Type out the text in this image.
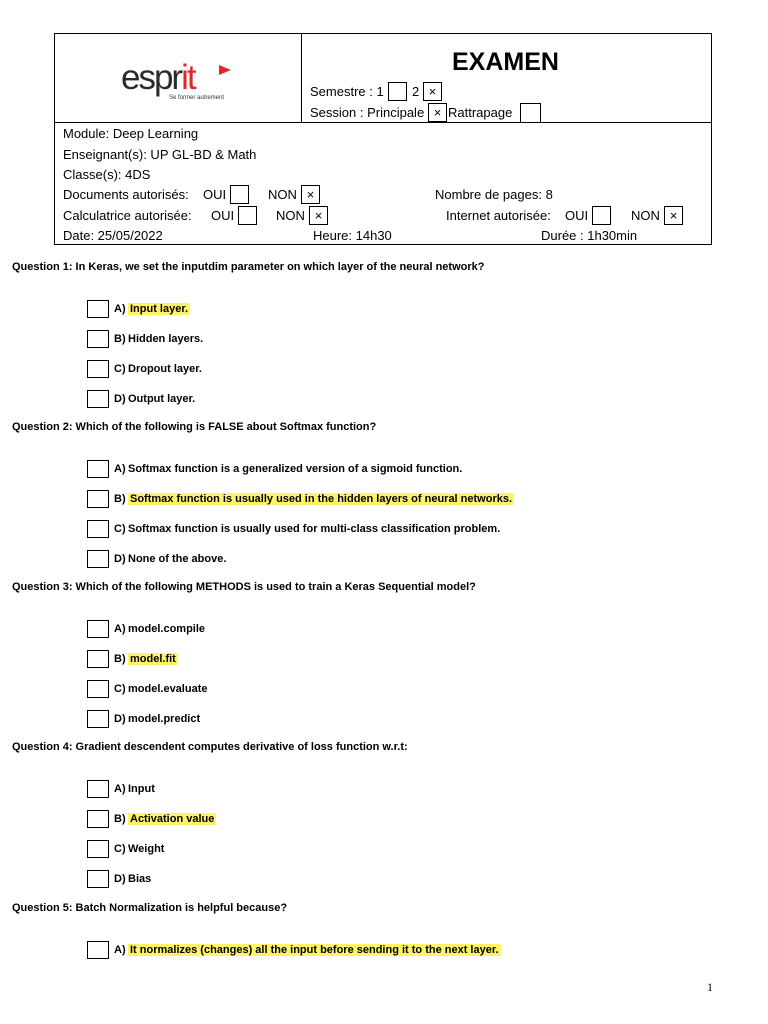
esprit
Se former autrement
EXAMEN
Semestre : 1 2 ×
Session : Principale × Rattrapage
Module: Deep Learning
Enseignant(s): UP GL-BD & Math
Classe(s): 4DS
Documents autorisés: OUI	NON ×	Nombre de pages: 8
Calculatrice autorisée: OUI	NON ×	Internet autorisée: OUI	NON ×
Date: 25/05/2022	Heure: 14h30	Durée : 1h30min
Question 1: In Keras, we set the inputdim parameter on which layer of the neural network?
A) Input layer.
B) Hidden layers.
C) Dropout layer.
D) Output layer.
Question 2: Which of the following is FALSE about Softmax function?
A) Softmax function is a generalized version of a sigmoid function.
B) Softmax function is usually used in the hidden layers of neural networks.
C) Softmax function is usually used for multi-class classification problem.
D) None of the above.
Question 3: Which of the following METHODS is used to train a Keras Sequential model?
A) model.compile
B) model.fit
C) model.evaluate
D) model.predict
Question 4: Gradient descendent computes derivative of loss function w.r.t:
A) Input
B) Activation value
C) Weight
D) Bias
Question 5: Batch Normalization is helpful because?
A) It normalizes (changes) all the input before sending it to the next layer.
1
